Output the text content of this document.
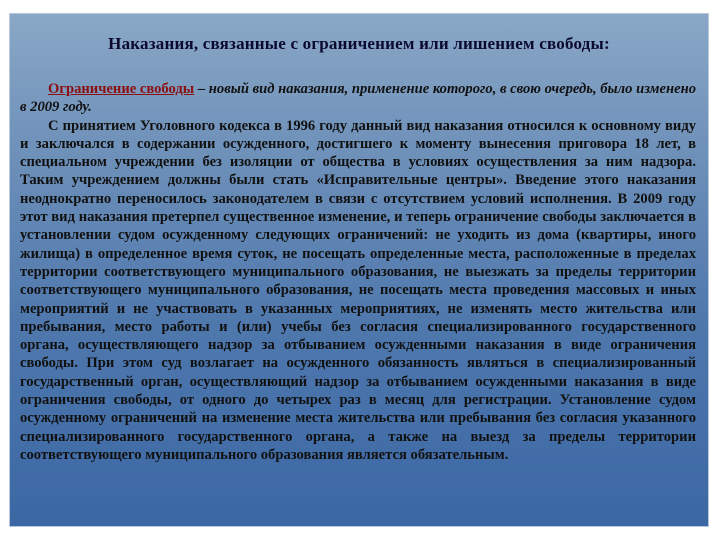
Наказания, связанные с ограничением или лишением свободы:

Ограничение свободы – новый вид наказания, применение которого, в свою очередь, было изменено в 2009 году.

С принятием Уголовного кодекса в 1996 году данный вид наказания относился к основному виду и заключался в содержании осужденного, достигшего к моменту вынесения приговора 18 лет, в специальном учреждении без изоляции от общества в условиях осуществления за ним надзора. Таким учреждением должны были стать «Исправительные центры». Введение этого наказания неоднократно переносилось законодателем в связи с отсутствием условий исполнения. В 2009 году этот вид наказания претерпел существенное изменение, и теперь ограничение свободы заключается в установлении судом осужденному следующих ограничений: не уходить из дома (квартиры, иного жилища) в определенное время суток, не посещать определенные места, расположенные в пределах территории соответствующего муниципального образования, не выезжать за пределы территории соответствующего муниципального образования, не посещать места проведения массовых и иных мероприятий и не участвовать в указанных мероприятиях, не изменять место жительства или пребывания, место работы и (или) учебы без согласия специализированного государственного органа, осуществляющего надзор за отбыванием осужденными наказания в виде ограничения свободы. При этом суд возлагает на осужденного обязанность являться в специализированный государственный орган, осуществляющий надзор за отбыванием осужденными наказания в виде ограничения свободы, от одного до четырех раз в месяц для регистрации. Установление судом осужденному ограничений на изменение места жительства или пребывания без согласия указанного специализированного государственного органа, а также на выезд за пределы территории соответствующего муниципального образования является обязательным.
